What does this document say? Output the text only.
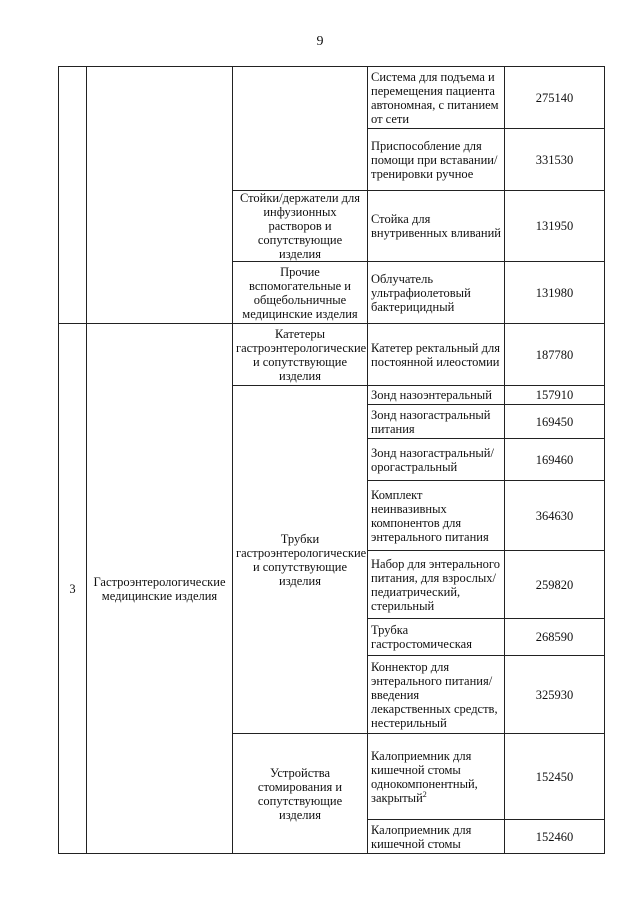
9
			Система для подъема и перемещения пациента автономная, с питанием от сети	275140
			Приспособление для помощи при вставании/тренировки ручное	331530
		Стойки/держатели для инфузионных растворов и сопутствующие изделия	Стойка для внутривенных вливаний	131950
		Прочие вспомогательные и общебольничные медицинские изделия	Облучатель ультрафиолетовый бактерицидный	131980
3	Гастроэнтерологические медицинские изделия	Катетеры гастроэнтерологические и сопутствующие изделия	Катетер ректальный для постоянной илеостомии	187780
		Трубки гастроэнтерологические и сопутствующие изделия	Зонд назоэнтеральный	157910
			Зонд назогастральный питания	169450
			Зонд назогастральный/ орогастральный	169460
			Комплект неинвазивных компонентов для энтерального питания	364630
			Набор для энтерального питания, для взрослых/ педиатрический, стерильный	259820
			Трубка гастростомическая	268590
			Коннектор для энтерального питания/введения лекарственных средств, нестерильный	325930
		Устройства стомирования и сопутствующие изделия	Калоприемник для кишечной стомы однокомпонентный, закрытый$^2$	152450
			Калоприемник для кишечной стомы	152460
